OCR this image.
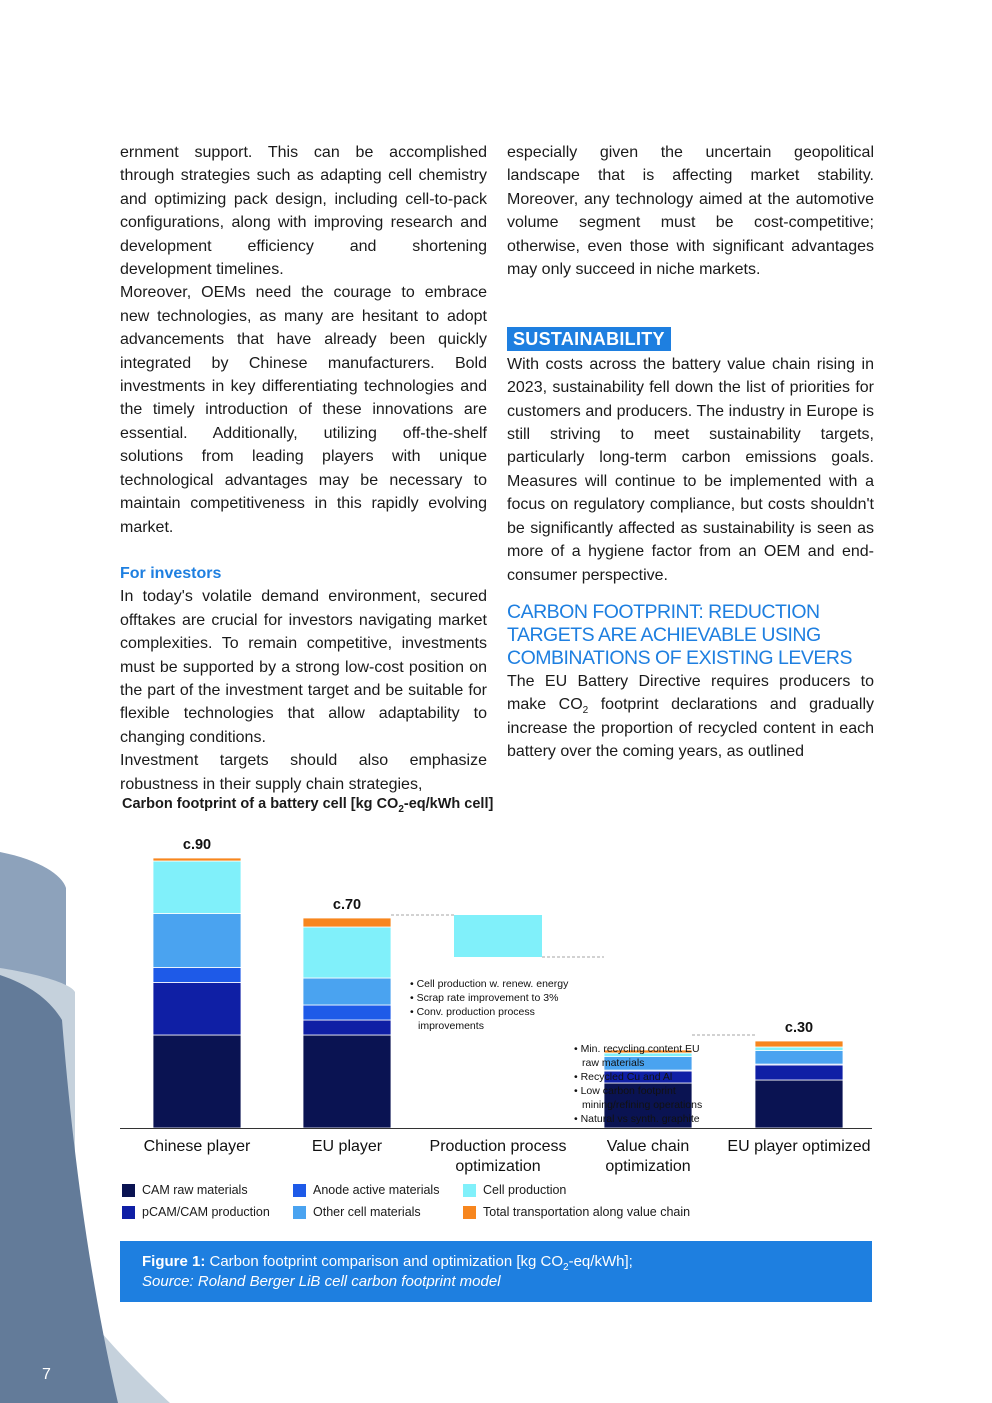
ernment support. This can be accomplished through strategies such as adapting cell chemistry and optimizing pack design, including cell-to-pack configurations, along with improving research and development efficiency and shortening development timelines.

Moreover, OEMs need the courage to embrace new technologies, as many are hesitant to adopt advancements that have already been quickly integrated by Chinese manufacturers. Bold investments in key differentiating technologies and the timely introduction of these innovations are essential. Additionally, utilizing off-the-shelf solutions from leading players with unique technological advantages may be necessary to maintain competitiveness in this rapidly evolving market.

For investors

In today's volatile demand environment, secured offtakes are crucial for investors navigating market complexities. To remain competitive, investments must be supported by a strong low-cost position on the part of the investment target and be suitable for flexible technologies that allow adaptability to changing conditions.

Investment targets should also emphasize robustness in their supply chain strategies,

especially given the uncertain geopolitical landscape that is affecting market stability. Moreover, any technology aimed at the automotive volume segment must be cost-competitive; otherwise, even those with significant advantages may only succeed in niche markets.

SUSTAINABILITY

With costs across the battery value chain rising in 2023, sustainability fell down the list of priorities for customers and producers. The industry in Europe is still striving to meet sustainability targets, particularly long-term carbon emissions goals. Measures will continue to be implemented with a focus on regulatory compliance, but costs shouldn't be significantly affected as sustainability is seen as more of a hygiene factor from an OEM and end-consumer perspective.

CARBON FOOTPRINT: REDUCTION TARGETS ARE ACHIEVABLE USING COMBINATIONS OF EXISTING LEVERS

The EU Battery Directive requires producers to make $CO_2$ footprint declarations and gradually increase the proportion of recycled content in each battery over the coming years, as outlined

Carbon footprint of a battery cell [kg $CO_2-eq$/kWh cell]
c.90
c.70
c.30
Chinese player	EU player	Production process
optimization
Value chain
optimization
EU player optimized
• Cell production w. renew. energy
• Scrap rate improvement to 3%
• Conv. production process
improvements
• Min. recycling content EU
raw materials
• Recycled Cu and Al
• Low carbon footprint
mining/refining operations
• Natural vs synth. graphite
CAM raw materials
pCAM/CAM production
Anode active materials
Other cell materials
Cell production
Total transportation along value chain
Figure 1: Carbon footprint comparison and optimization [kg $CO_2-eq/kWh$];
Source: Roland Berger LiB cell carbon footprint model
7
